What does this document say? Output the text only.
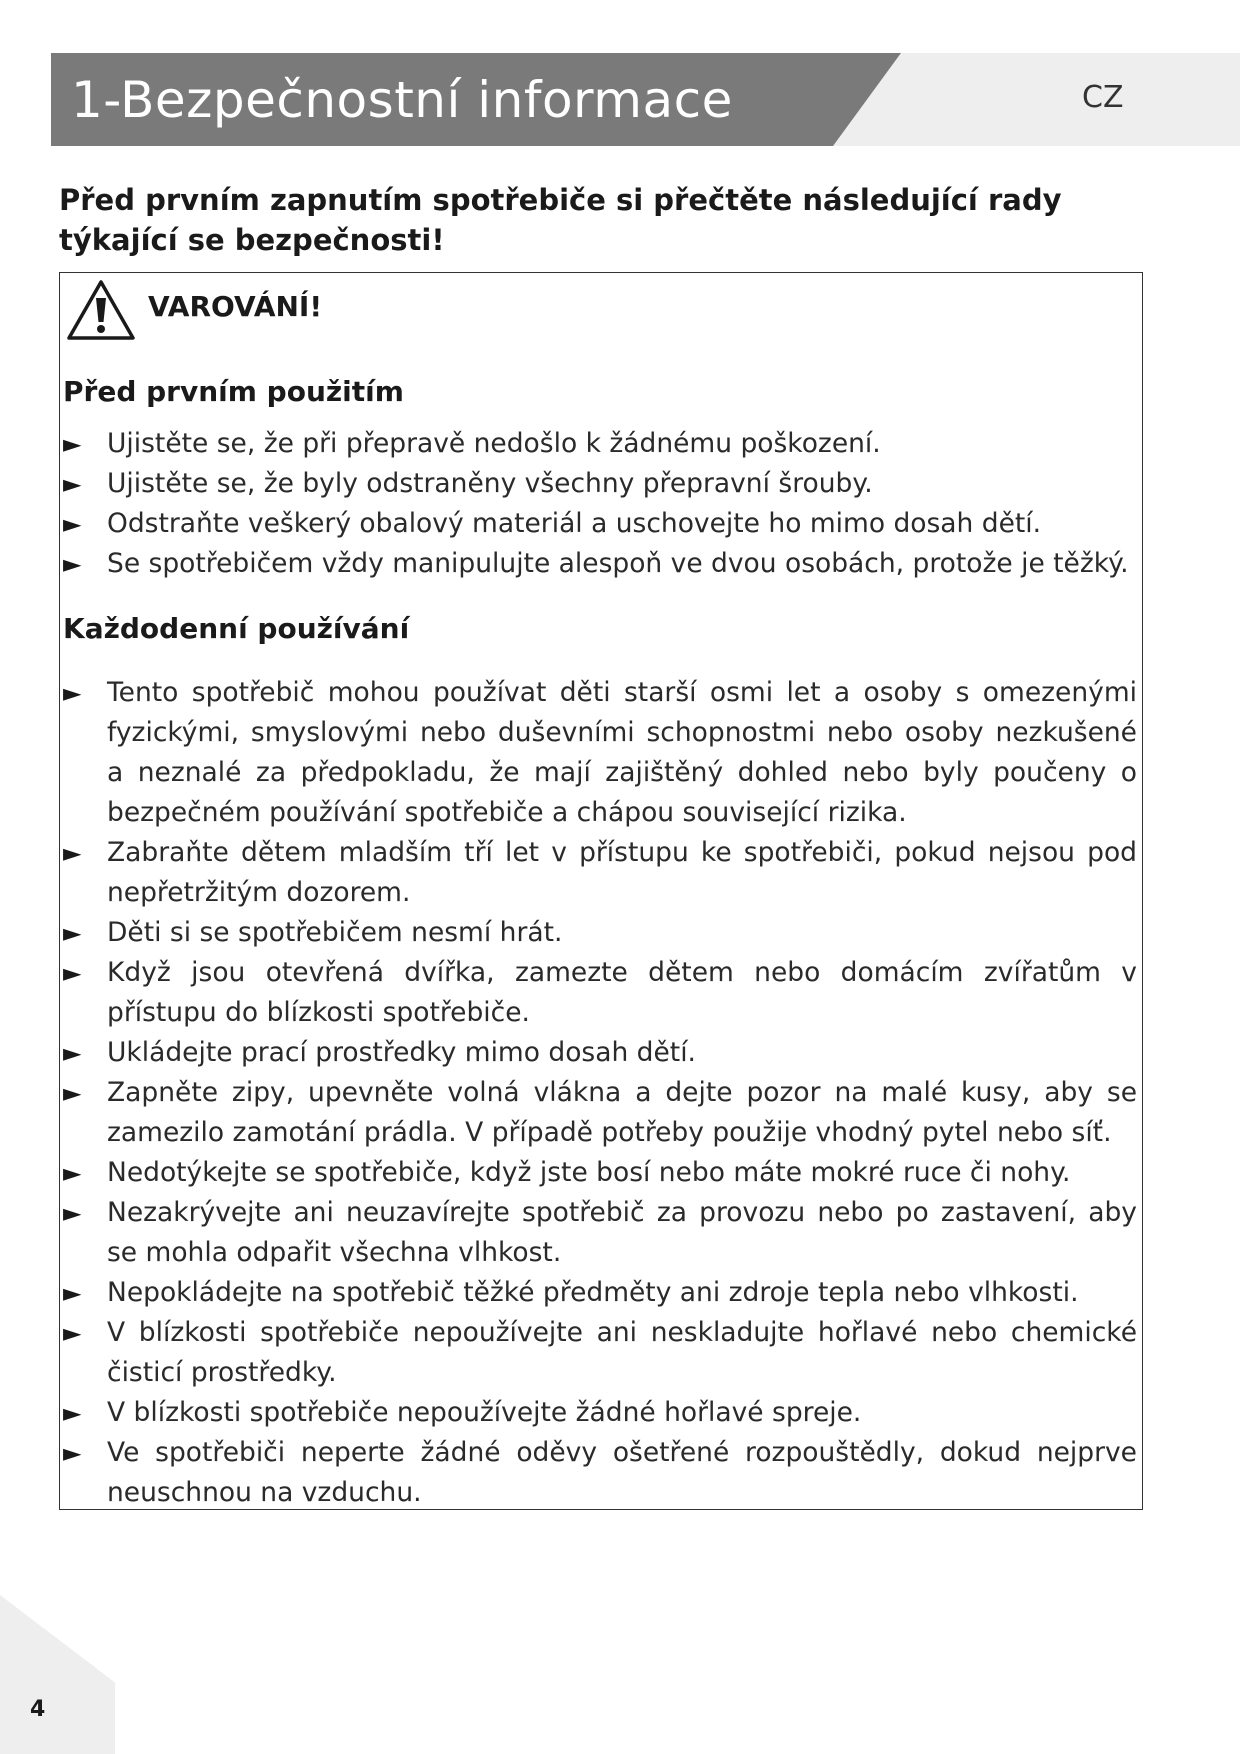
1-Bezpečnostní informace	CZ
Před prvním zapnutím spotřebiče si přečtěte následující rady týkající se bezpečnosti!
VAROVÁNÍ!
Před prvním použitím
► Ujistěte se, že při přepravě nedošlo k žádnému poškození.
► Ujistěte se, že byly odstraněny všechny přepravní šrouby.
► Odstraňte veškerý obalový materiál a uschovejte ho mimo dosah dětí.
► Se spotřebičem vždy manipulujte alespoň ve dvou osobách, protože je těžký.
Každodenní používání
► Tento spotřebič mohou používat děti starší osmi let a osoby s omezenými fyzickými, smyslovými nebo duševními schopnostmi nebo osoby nezkušené a neznalé za předpokladu, že mají zajištěný dohled nebo byly poučeny o bezpečném používání spotřebiče a chápou související rizika.
► Zabraňte dětem mladším tří let v přístupu ke spotřebiči, pokud nejsou pod nepřetržitým dozorem.
► Děti si se spotřebičem nesmí hrát.
► Když jsou otevřená dvířka, zamezte dětem nebo domácím zvířatům v přístupu do blízkosti spotřebiče.
► Ukládejte prací prostředky mimo dosah dětí.
► Zapněte zipy, upevněte volná vlákna a dejte pozor na malé kusy, aby se zamezilo zamotání prádla. V případě potřeby použije vhodný pytel nebo síť.
► Nedotýkejte se spotřebiče, když jste bosí nebo máte mokré ruce či nohy.
► Nezakrývejte ani neuzavírejte spotřebič za provozu nebo po zastavení, aby se mohla odpařit všechna vlhkost.
► Nepokládejte na spotřebič těžké předměty ani zdroje tepla nebo vlhkosti.
► V blízkosti spotřebiče nepoužívejte ani neskladujte hořlavé nebo chemické čisticí prostředky.
► V blízkosti spotřebiče nepoužívejte žádné hořlavé spreje.
► Ve spotřebiči neperte žádné oděvy ošetřené rozpouštědly, dokud nejprve neuschnou na vzduchu.
4
